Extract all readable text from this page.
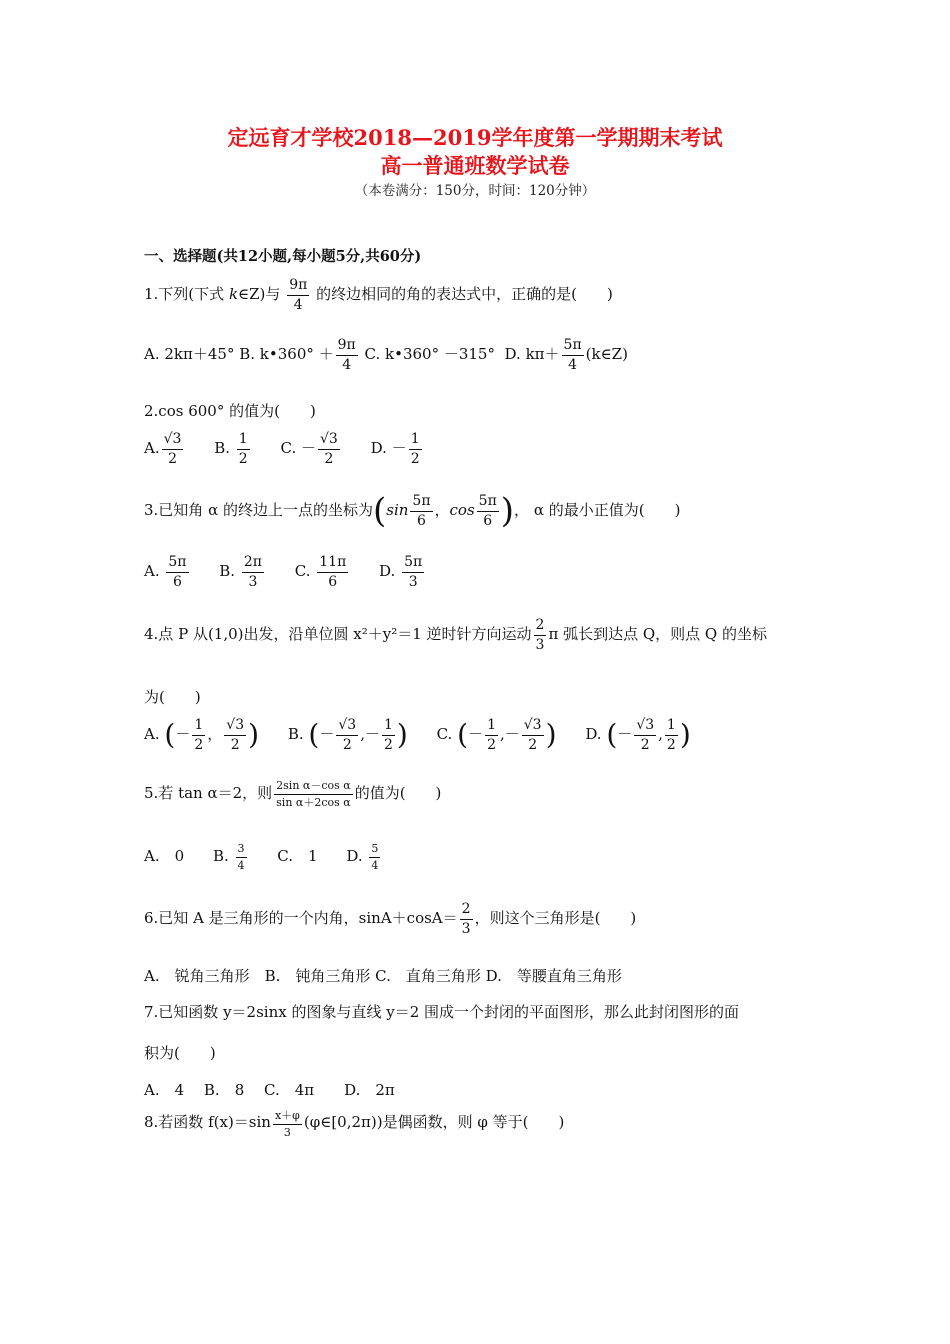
定远育才学校2018—2019学年度第一学期期末考试
高一普通班数学试卷
（本卷满分：150分，时间：120分钟）
一、选择题(共12小题,每小题5分,共60分)
1.下列(下式 k∈Z)与 $\frac{9\pi}{4}$ 的终边相同的角的表达式中，正确的是(　　)
A. 2kπ＋45° B. k•360° ＋ $\frac{9\pi}{4} C$. k•360° －315° D. $k\pi+ \frac{5\pi}{4}$ (k∈Z)
2.cos 600° 的值为(　　)
A. $\frac{√3}{2} B$. $\frac{1}{2} C$. － $\frac{√3}{2} D$. － $\frac{1}{2}$
3.已知角 α 的终边上一点的坐标为($\sin \frac{5\pi}{6}$ ，$\cos \frac{5\pi}{6}$ )， α 的最小正值为(　　)
A. $\frac{5\pi}{6} B$. $\frac{2\pi}{3} C$. $\frac{11\pi}{6} D$. $\frac{5\pi}{3}$
4.点 P 从(1,0)出发，沿单位圆 x²＋y²＝1 逆时针方向运动 $\frac{2}{3}$ π 弧长到达点 Q，则点 Q 的坐标
为(　　)
A. (－ $\frac{1}{2}$ ， $\frac{√3}{2}$ ) B. (－ $\frac{√3}{2}$ ,－ $\frac{1}{2}$ ) C. (－ $\frac{1}{2}$ ,－ $\frac{√3}{2}$ ) D. (－ $\frac{√3}{2}$ , $\frac{1}{2}$ )
5.若 tan α＝2，则 $\frac{\text{2sin α－cos α}}{\text{sin α＋2cos α}}$ 的值为(　　)
A.　0 B. $\frac{3}{4} C$.　1 D. $\frac{5}{4}$
6.已知 A 是三角形的一个内角，$\sin A+\cos A= \frac{2}{3}$ ，则这个三角形是(　　)
A.　锐角三角形　B.　钝角三角形 C.　直角三角形 D.　等腰直角三角形
7.已知函数 y＝2sinx 的图象与直线 y＝2 围成一个封闭的平面图形，那么此封闭图形的面
积为(　　)
A.　4　 B.　8　 C.　4π　　D.　2π
8.若函数 $f(x)=\sin \frac{x+\varphi}{3}$ (φ∈[0,2π))是偶函数，则 φ 等于(　　)
